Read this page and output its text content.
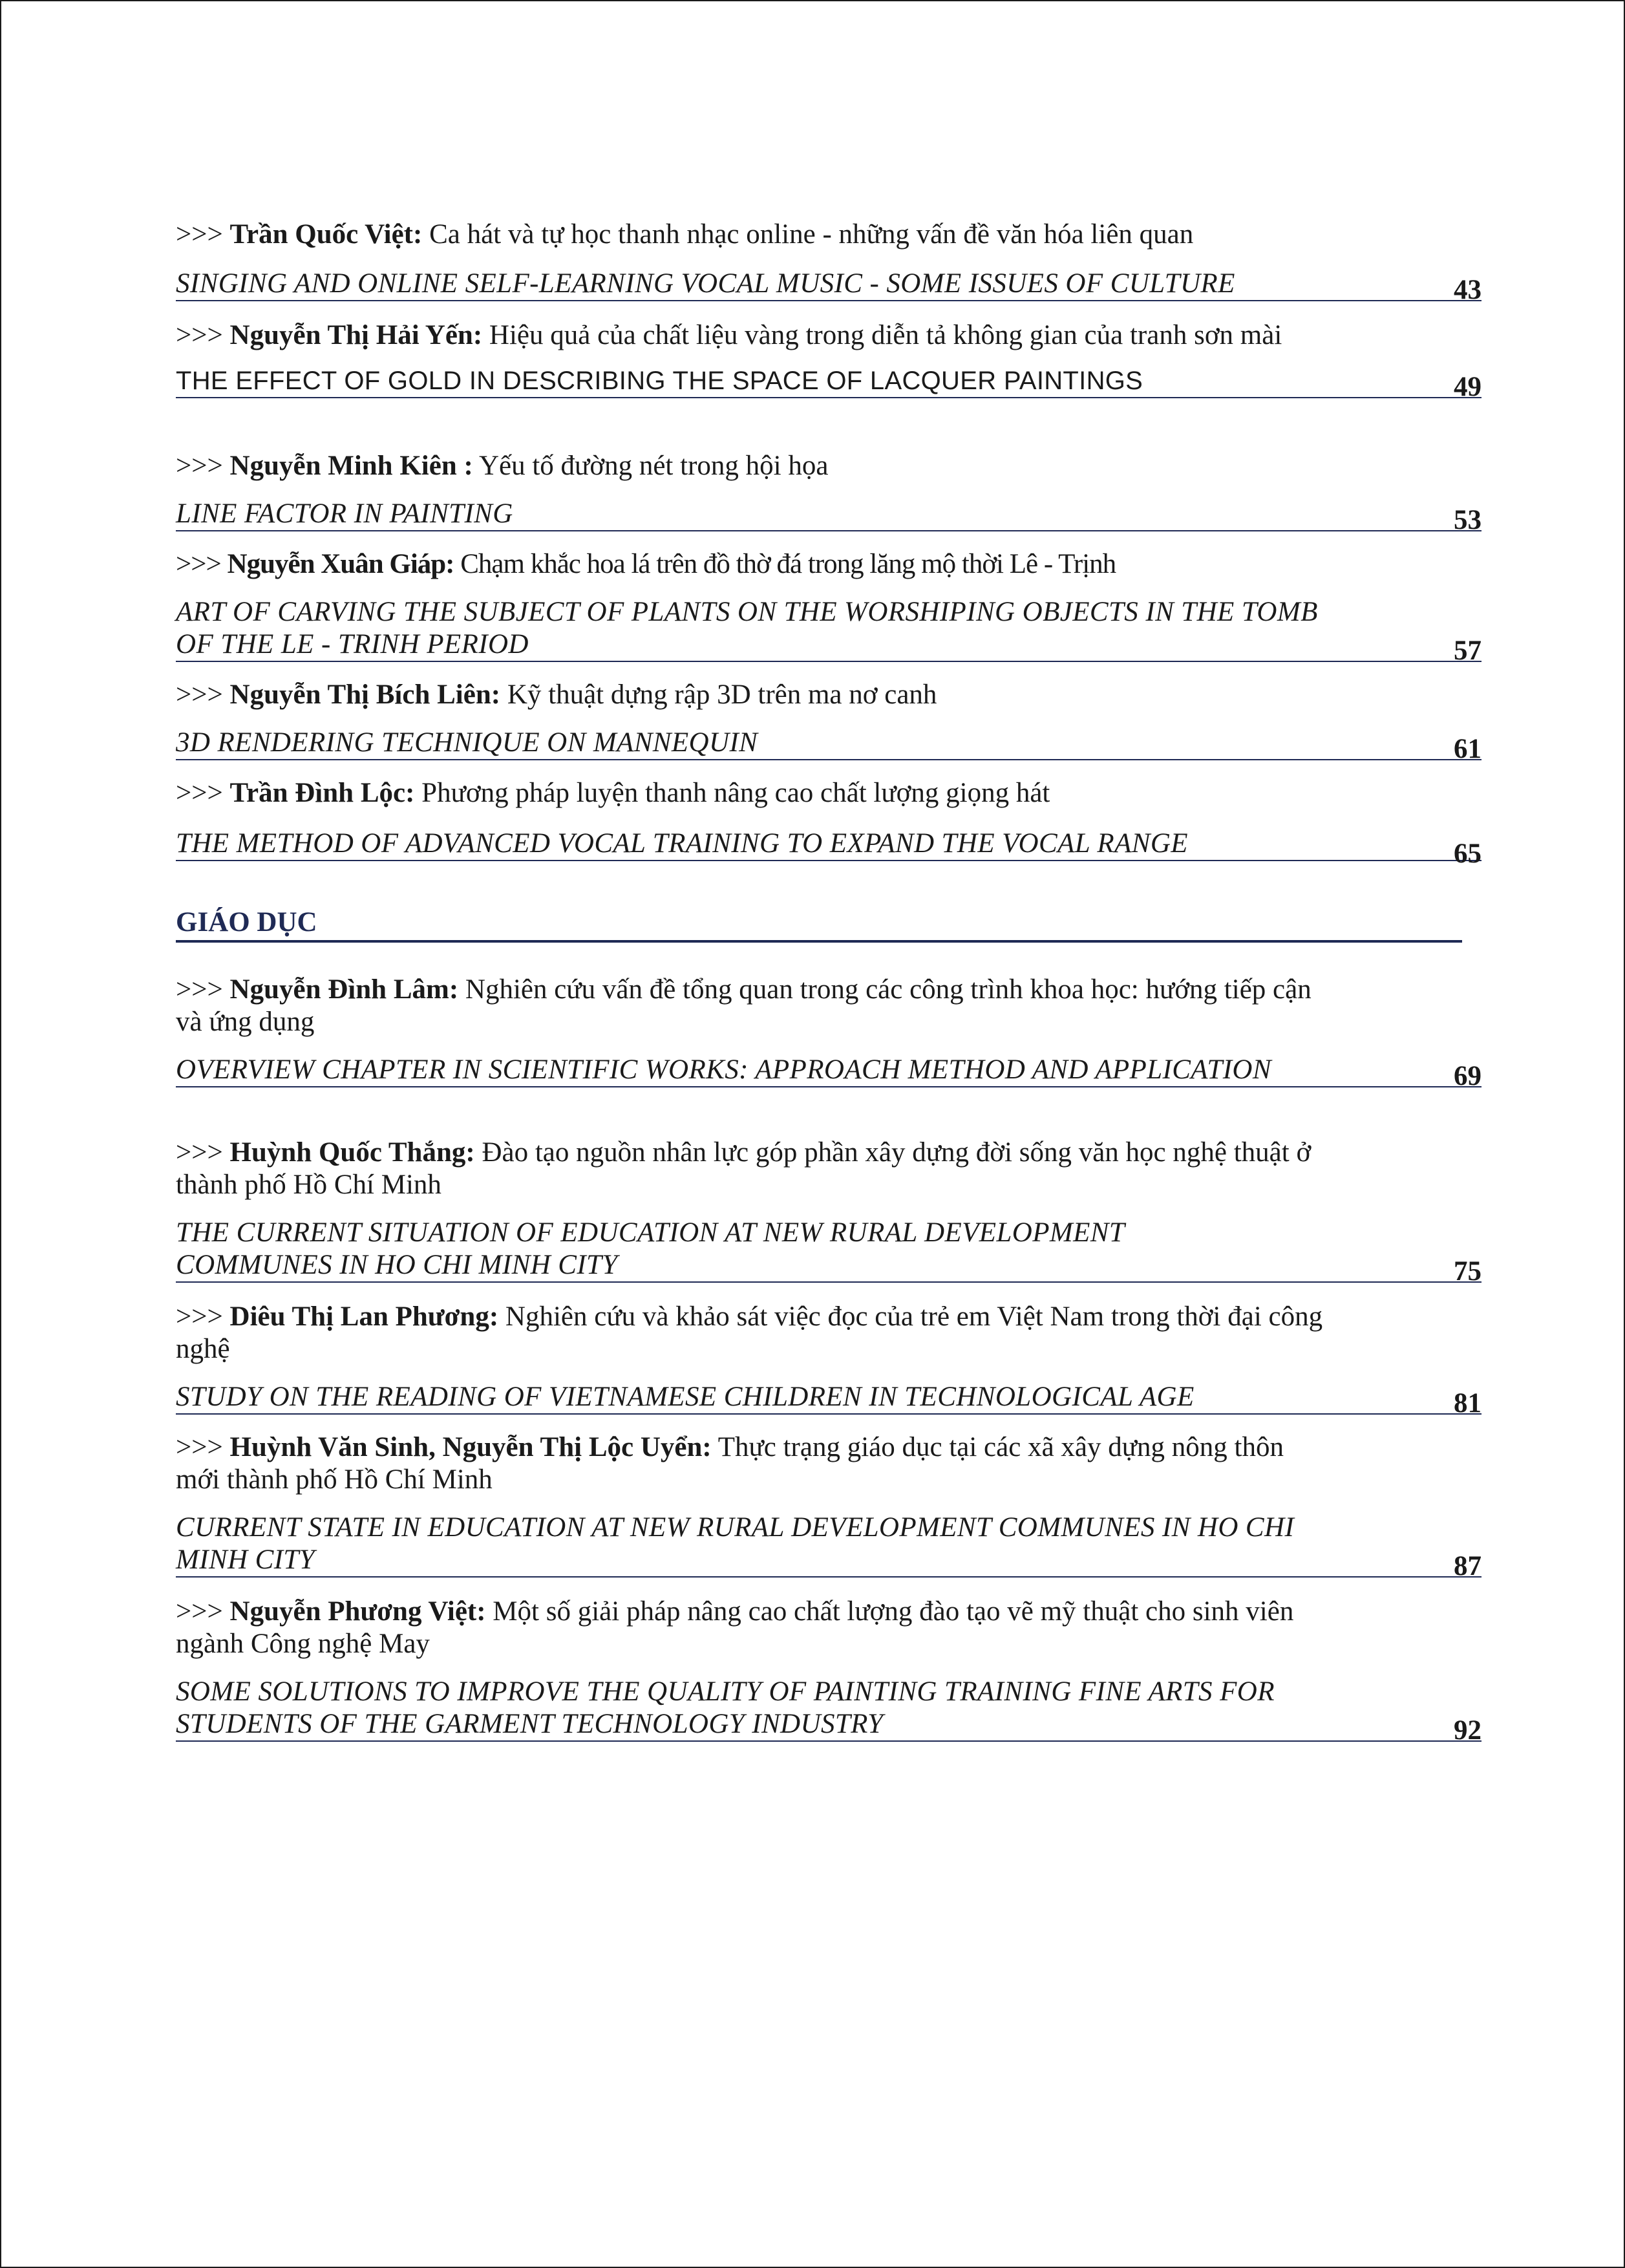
>>> Trần Quốc Việt: Ca hát và tự học thanh nhạc online - những vấn đề văn hóa liên quan
SINGING AND ONLINE SELF-LEARNING VOCAL MUSIC - SOME ISSUES OF CULTURE	43
>>> Nguyễn Thị Hải Yến: Hiệu quả của chất liệu vàng trong diễn tả không gian của tranh sơn mài
THE EFFECT OF GOLD IN DESCRIBING THE SPACE OF LACQUER PAINTINGS	49
>>> Nguyễn Minh Kiên : Yếu tố đường nét trong hội họa
LINE FACTOR IN PAINTING	53
>>> Nguyễn Xuân Giáp: Chạm khắc hoa lá trên đồ thờ đá trong lăng mộ thời Lê - Trịnh
ART OF CARVING THE SUBJECT OF PLANTS ON THE WORSHIPING OBJECTS IN THE TOMB OF THE LE - TRINH PERIOD	57
>>> Nguyễn Thị Bích Liên: Kỹ thuật dựng rập 3D trên ma nơ canh
3D RENDERING TECHNIQUE ON MANNEQUIN	61
>>> Trần Đình Lộc: Phương pháp luyện thanh nâng cao chất lượng giọng hát
THE METHOD OF ADVANCED VOCAL TRAINING TO EXPAND THE VOCAL RANGE	65
GIÁO DỤC
>>> Nguyễn Đình Lâm: Nghiên cứu vấn đề tổng quan trong các công trình khoa học: hướng tiếp cận và ứng dụng
OVERVIEW CHAPTER IN SCIENTIFIC WORKS: APPROACH METHOD AND APPLICATION	69
>>> Huỳnh Quốc Thắng: Đào tạo nguồn nhân lực góp phần xây dựng đời sống văn học nghệ thuật ở thành phố Hồ Chí Minh
THE CURRENT SITUATION OF EDUCATION AT NEW RURAL DEVELOPMENT COMMUNES IN HO CHI MINH CITY	75
>>> Diêu Thị Lan Phương: Nghiên cứu và khảo sát việc đọc của trẻ em Việt Nam trong thời đại công nghệ
STUDY ON THE READING OF VIETNAMESE CHILDREN IN TECHNOLOGICAL AGE	81
>>> Huỳnh Văn Sinh, Nguyễn Thị Lộc Uyển: Thực trạng giáo dục tại các xã xây dựng nông thôn mới thành phố Hồ Chí Minh
CURRENT STATE IN EDUCATION AT NEW RURAL DEVELOPMENT COMMUNES IN HO CHI MINH CITY	87
>>> Nguyễn Phương Việt: Một số giải pháp nâng cao chất lượng đào tạo vẽ mỹ thuật cho sinh viên ngành Công nghệ May
SOME SOLUTIONS TO IMPROVE THE QUALITY OF PAINTING TRAINING FINE ARTS FOR STUDENTS OF THE GARMENT TECHNOLOGY INDUSTRY	92
